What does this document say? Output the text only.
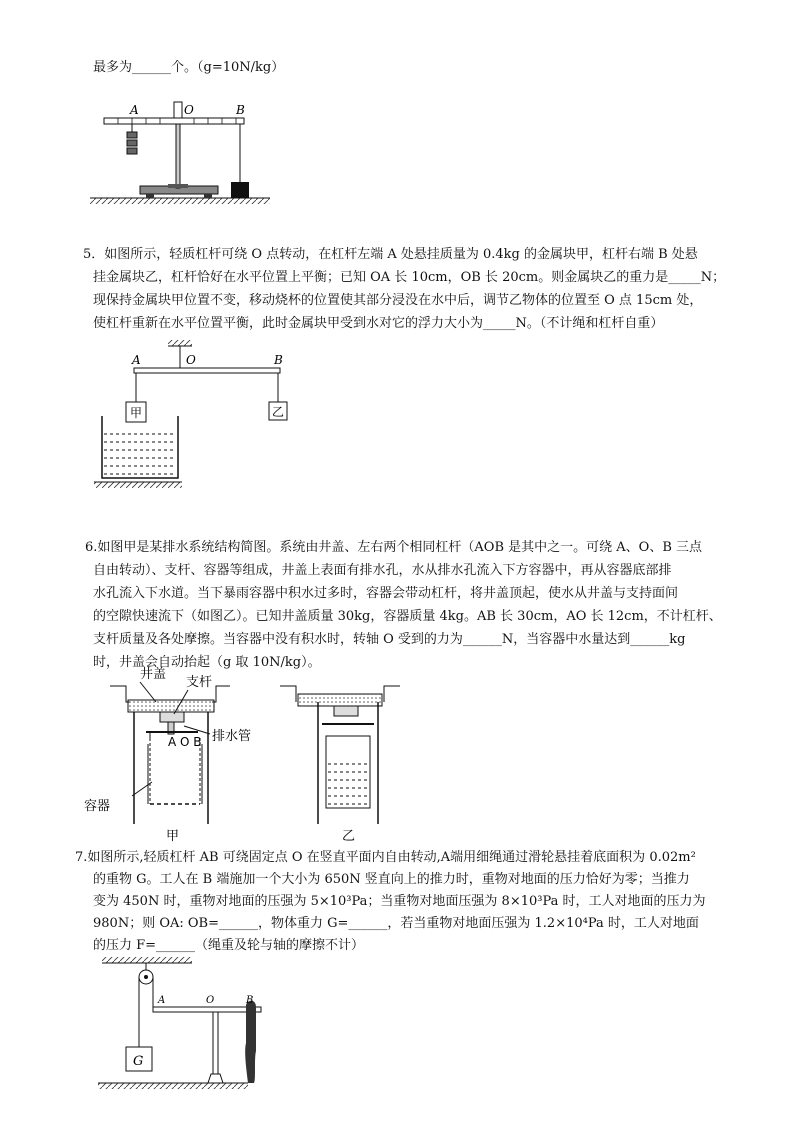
最多为______个。（g=10N/kg）
A	O	B
5．如图所示，轻质杠杆可绕 O 点转动，在杠杆左端 A 处悬挂质量为 0.4kg 的金属块甲，杠杆右端 B 处悬
挂金属块乙，杠杆恰好在水平位置上平衡；已知 OA 长 10cm，OB 长 20cm。则金属块乙的重力是_____N；
现保持金属块甲位置不变，移动烧杯的位置使其部分浸没在水中后，调节乙物体的位置至 O 点 15cm 处，
使杠杆重新在水平位置平衡，此时金属块甲受到水对它的浮力大小为_____N。（不计绳和杠杆自重）
甲	乙
A	O	B
6.如图甲是某排水系统结构简图。系统由井盖、左右两个相同杠杆（AOB 是其中之一。可绕 A、O、B 三点
自由转动）、支杆、容器等组成，井盖上表面有排水孔，水从排水孔流入下方容器中，再从容器底部排
水孔流入下水道。当下暴雨容器中积水过多时，容器会带动杠杆，将井盖顶起，使水从井盖与支持面间
的空隙快速流下（如图乙）。已知井盖质量 30kg，容器质量 4kg。AB 长 30cm，AO 长 12cm，不计杠杆、
支杆质量及各处摩擦。当容器中没有积水时，转轴 O 受到的力为______N，当容器中水量达到______kg
时，井盖会自动抬起（g 取 10N/kg）。
井盖
支杆
A O B 排水管
容器
甲	乙
7.如图所示,轻质杠杆 AB 可绕固定点 O 在竖直平面内自由转动,A端用细绳通过滑轮悬挂着底面积为 0.02m²
的重物 G。工人在 B 端施加一个大小为 650N 竖直向上的推力时，重物对地面的压力恰好为零；当推力
变为 450N 时，重物对地面的压强为 5×10³Pa；当重物对地面压强为 8×10³Pa 时，工人对地面的压力为
980N；则 OA: OB=______，物体重力 G=______，若当重物对地面压强为 1.2×10⁴Pa 时，工人对地面
的压力 F=______（绳重及轮与轴的摩擦不计）
G
A	O	B
